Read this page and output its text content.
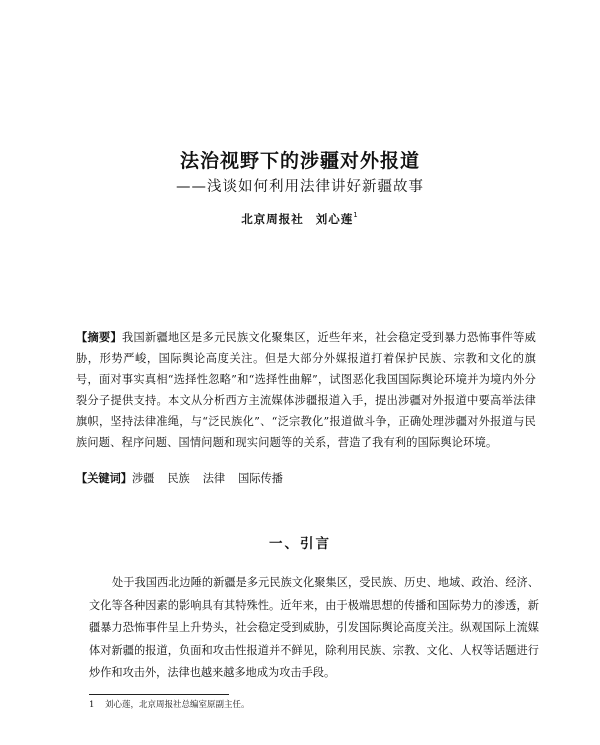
法治视野下的涉疆对外报道
——浅谈如何利用法律讲好新疆故事
北京周报社 刘心莲$^1$
【摘要】我国新疆地区是多元民族文化聚集区，近些年来，社会稳定受到暴力恐怖事件等威胁，形势严峻，国际舆论高度关注。但是大部分外媒报道打着保护民族、宗教和文化的旗号，面对事实真相“选择性忽略”和“选择性曲解”，试图恶化我国国际舆论环境并为境内外分裂分子提供支持。本文从分析西方主流媒体涉疆报道入手，提出涉疆对外报道中要高举法律旗帜，坚持法律准绳，与“泛民族化”、“泛宗教化”报道做斗争，正确处理涉疆对外报道与民族问题、程序问题、国情问题和现实问题等的关系，营造了我有利的国际舆论环境。
【关键词】涉疆 民族 法律 国际传播
一、引言
处于我国西北边陲的新疆是多元民族文化聚集区，受民族、历史、地域、政治、经济、文化等各种因素的影响具有其特殊性。近年来，由于极端思想的传播和国际势力的渗透，新疆暴力恐怖事件呈上升势头，社会稳定受到威胁，引发国际舆论高度关注。纵观国际上流媒体对新疆的报道，负面和攻击性报道并不鲜见，除利用民族、宗教、文化、人权等话题进行炒作和攻击外，法律也越来越多地成为攻击手段。
1 刘心莲，北京周报社总编室原副主任。
